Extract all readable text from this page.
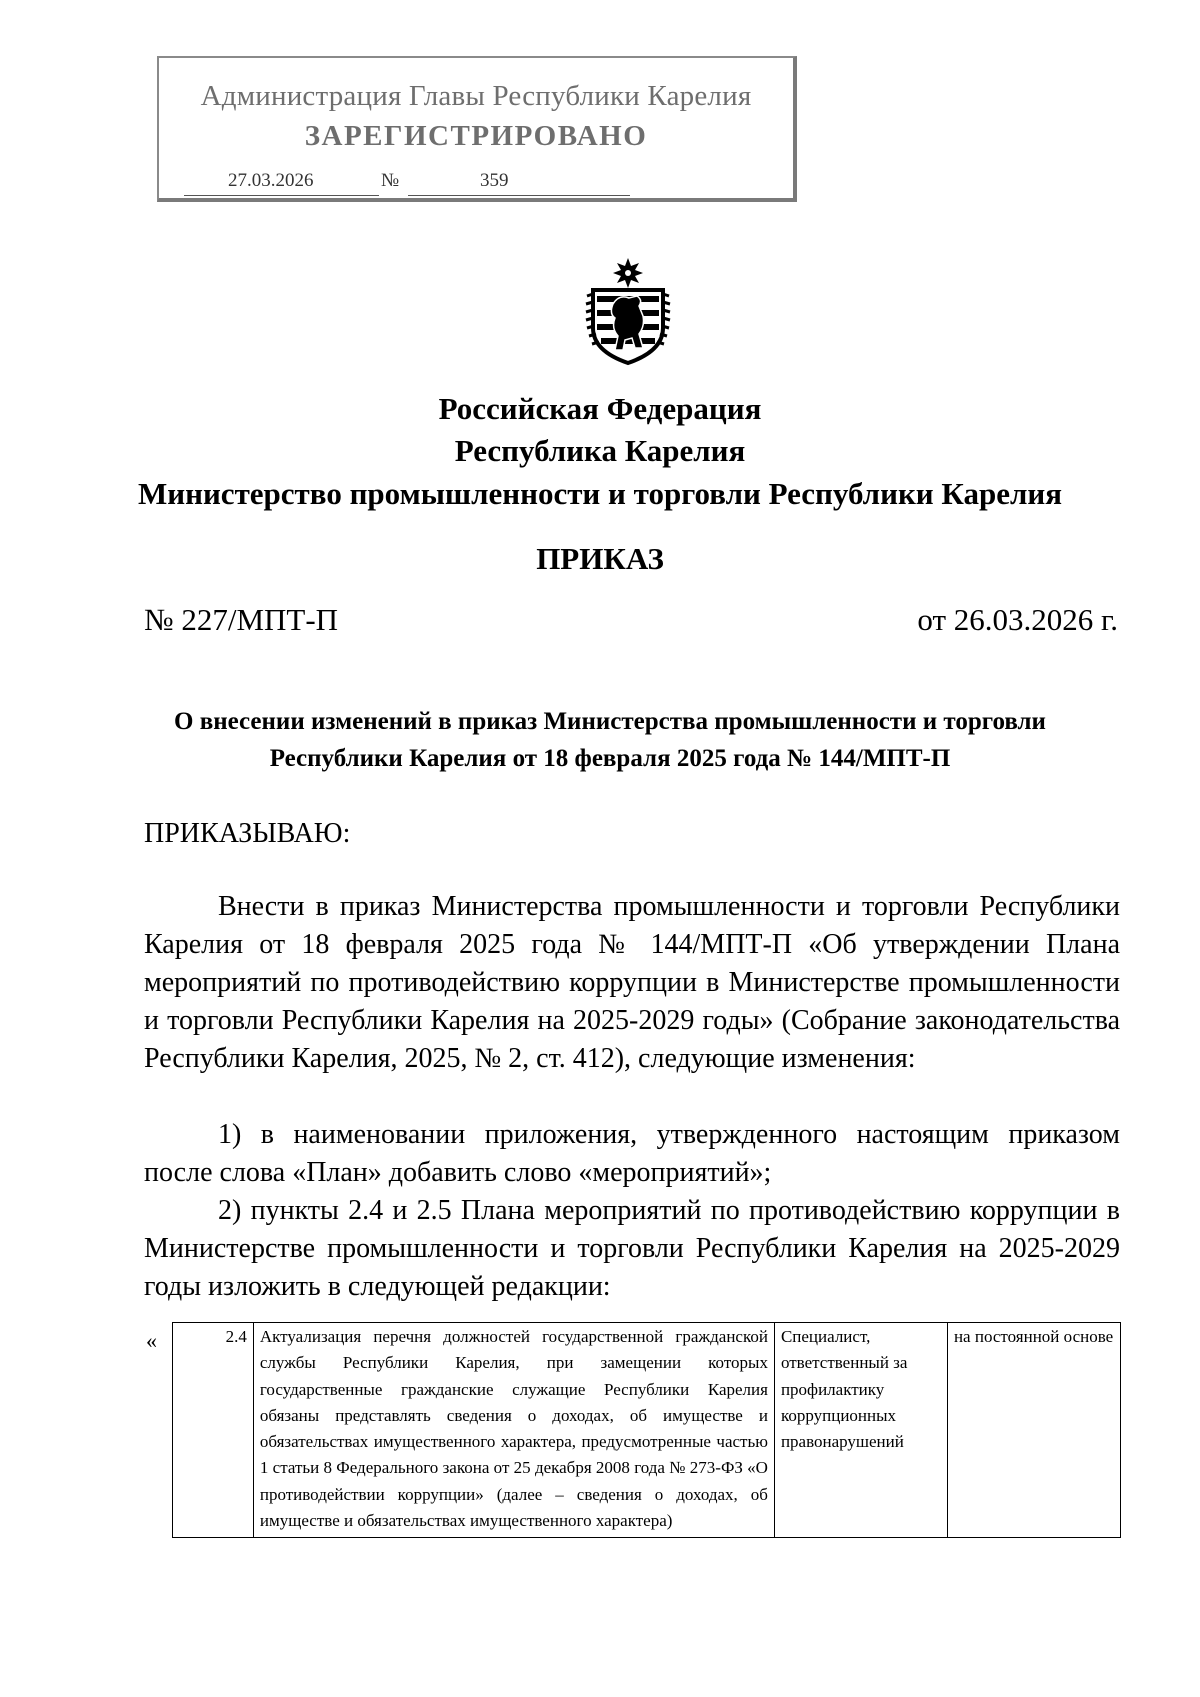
Администрация Главы Республики Карелия
ЗАРЕГИСТРИРОВАНО
27.03.2026	№	359
Российская Федерация
Республика Карелия
Министерство промышленности и торговли Республики Карелия
ПРИКАЗ
№ 227/МПТ-П	от 26.03.2026 г.
О внесении изменений в приказ Министерства промышленности и торговли Республики Карелия от 18 февраля 2025 года № 144/МПТ-П
ПРИКАЗЫВАЮ:
Внести в приказ Министерства промышленности и торговли Республики Карелия от 18 февраля 2025 года № 144/МПТ-П «Об утверждении Плана мероприятий по противодействию коррупции в Министерстве промышленности и торговли Республики Карелия на 2025-2029 годы» (Собрание законодательства Республики Карелия, 2025, № 2, ст. 412), следующие изменения:
1) в наименовании приложения, утвержденного настоящим приказом после слова «План» добавить слово «мероприятий»;
2) пункты 2.4 и 2.5 Плана мероприятий по противодействию коррупции в Министерстве промышленности и торговли Республики Карелия на 2025-2029 годы изложить в следующей редакции:
«	2.4	Актуализация перечня должностей государственной гражданской службы Республики Карелия, при замещении которых государственные гражданские служащие Республики Карелия обязаны представлять сведения о доходах, об имуществе и обязательствах имущественного характера, предусмотренные частью 1 статьи 8 Федерального закона от 25 декабря 2008 года № 273-ФЗ «О противодействии коррупции» (далее – сведения о доходах, об имуществе и обязательствах имущественного характера)	Специалист, ответственный за профилактику коррупционных правонарушений	на постоянной основе
